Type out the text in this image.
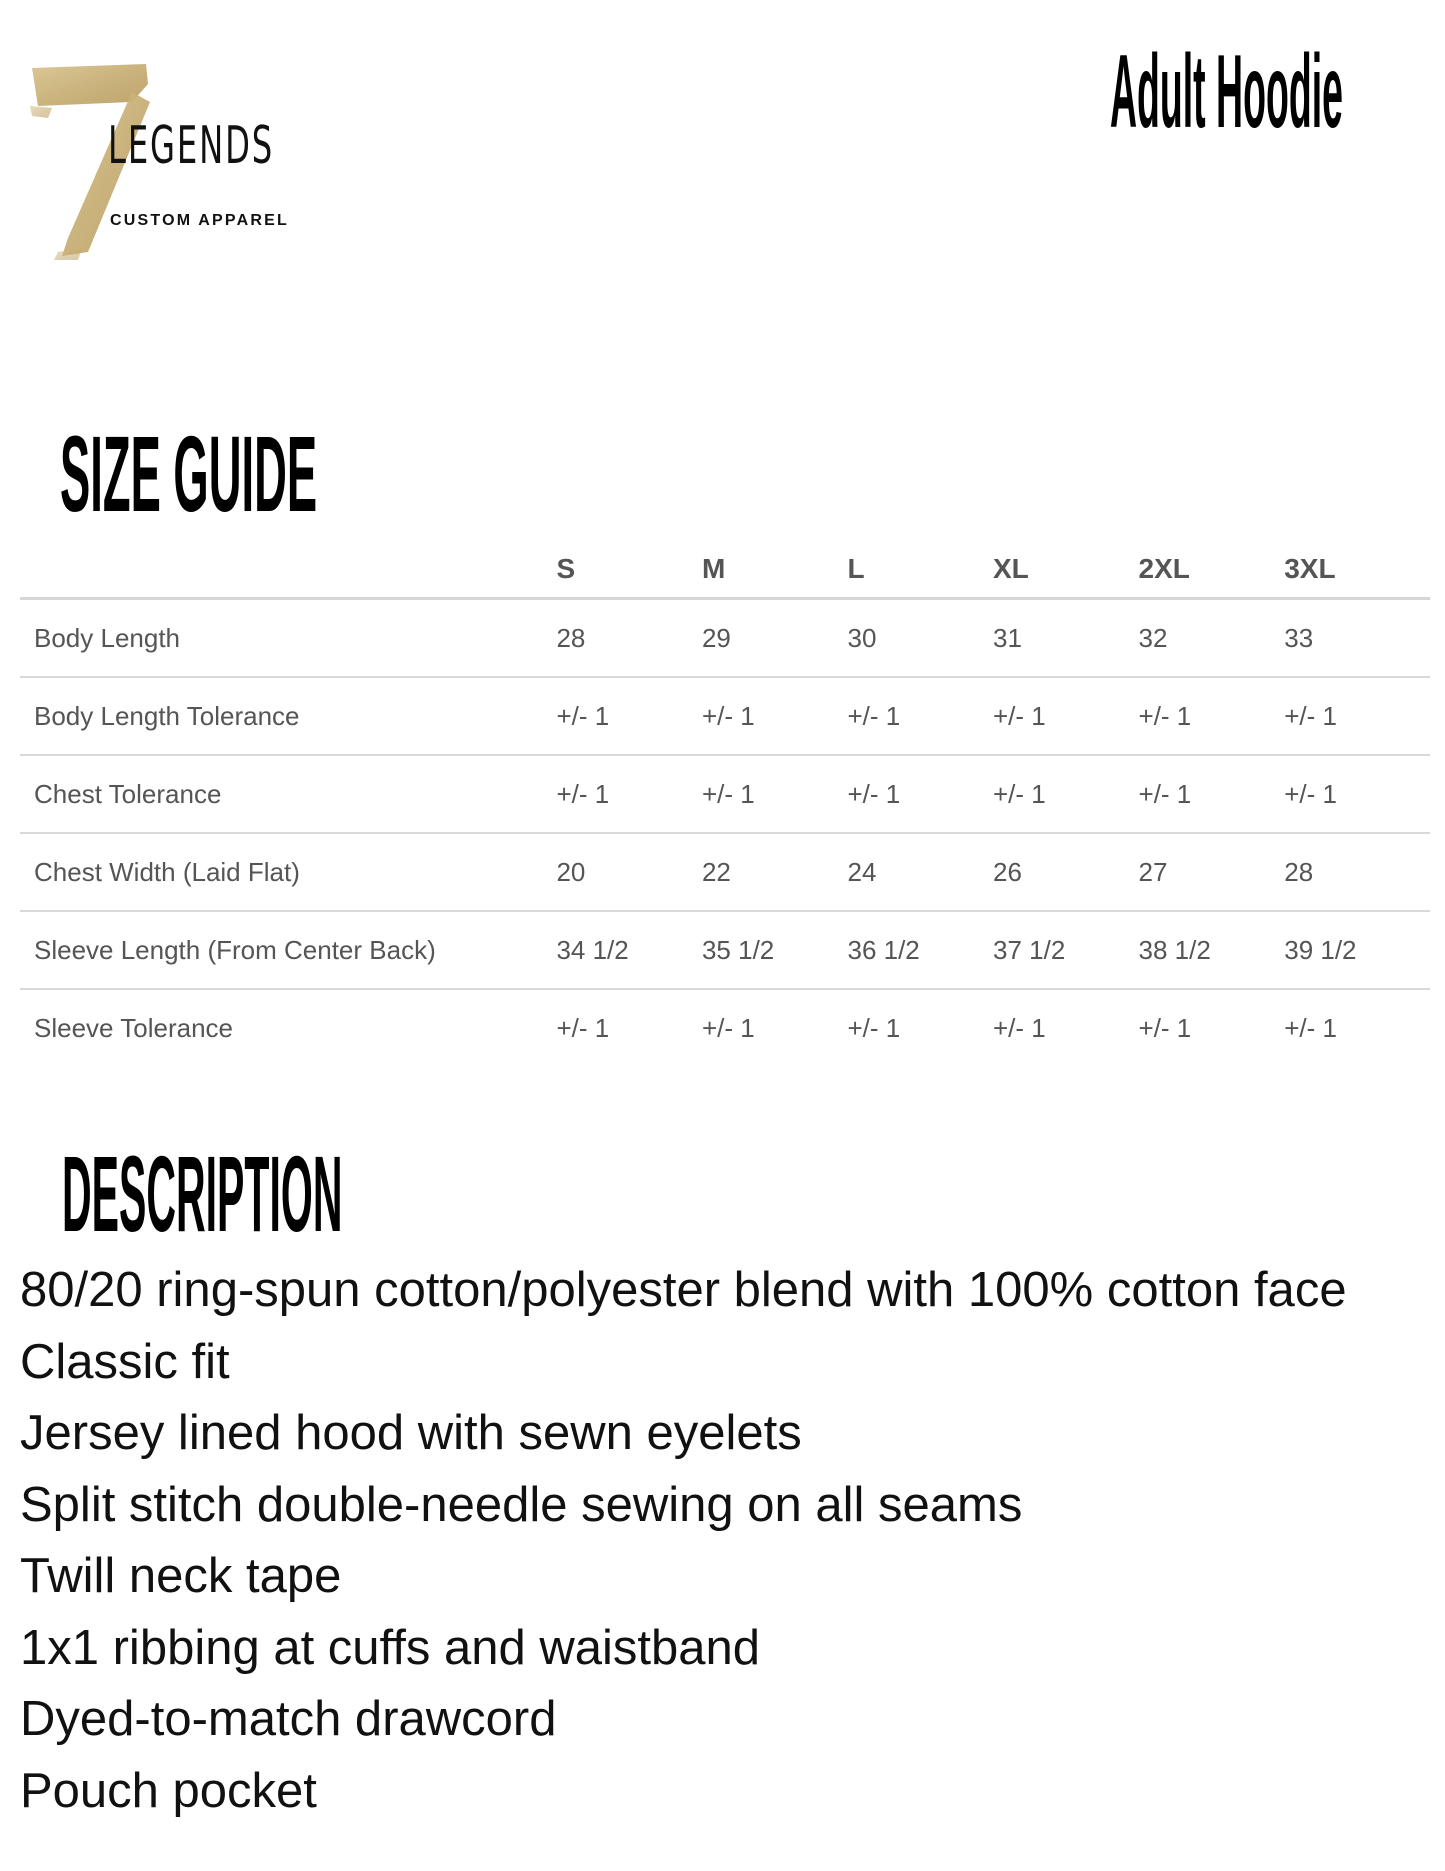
LEGENDS
CUSTOM APPAREL
Adult Hoodie
SIZE GUIDE
	S	M	L	XL	2XL	3XL
Body Length	28	29	30	31	32	33
Body Length Tolerance	+/- 1	+/- 1	+/- 1	+/- 1	+/- 1	+/- 1
Chest Tolerance	+/- 1	+/- 1	+/- 1	+/- 1	+/- 1	+/- 1
Chest Width (Laid Flat)	20	22	24	26	27	28
Sleeve Length (From Center Back)	34 1/2	35 1/2	36 1/2	37 1/2	38 1/2	39 1/2
Sleeve Tolerance	+/- 1	+/- 1	+/- 1	+/- 1	+/- 1	+/- 1
DESCRIPTION
80/20 ring-spun cotton/polyester blend with 100% cotton face
Classic fit
Jersey lined hood with sewn eyelets
Split stitch double-needle sewing on all seams
Twill neck tape
1x1 ribbing at cuffs and waistband
Dyed-to-match drawcord
Pouch pocket
